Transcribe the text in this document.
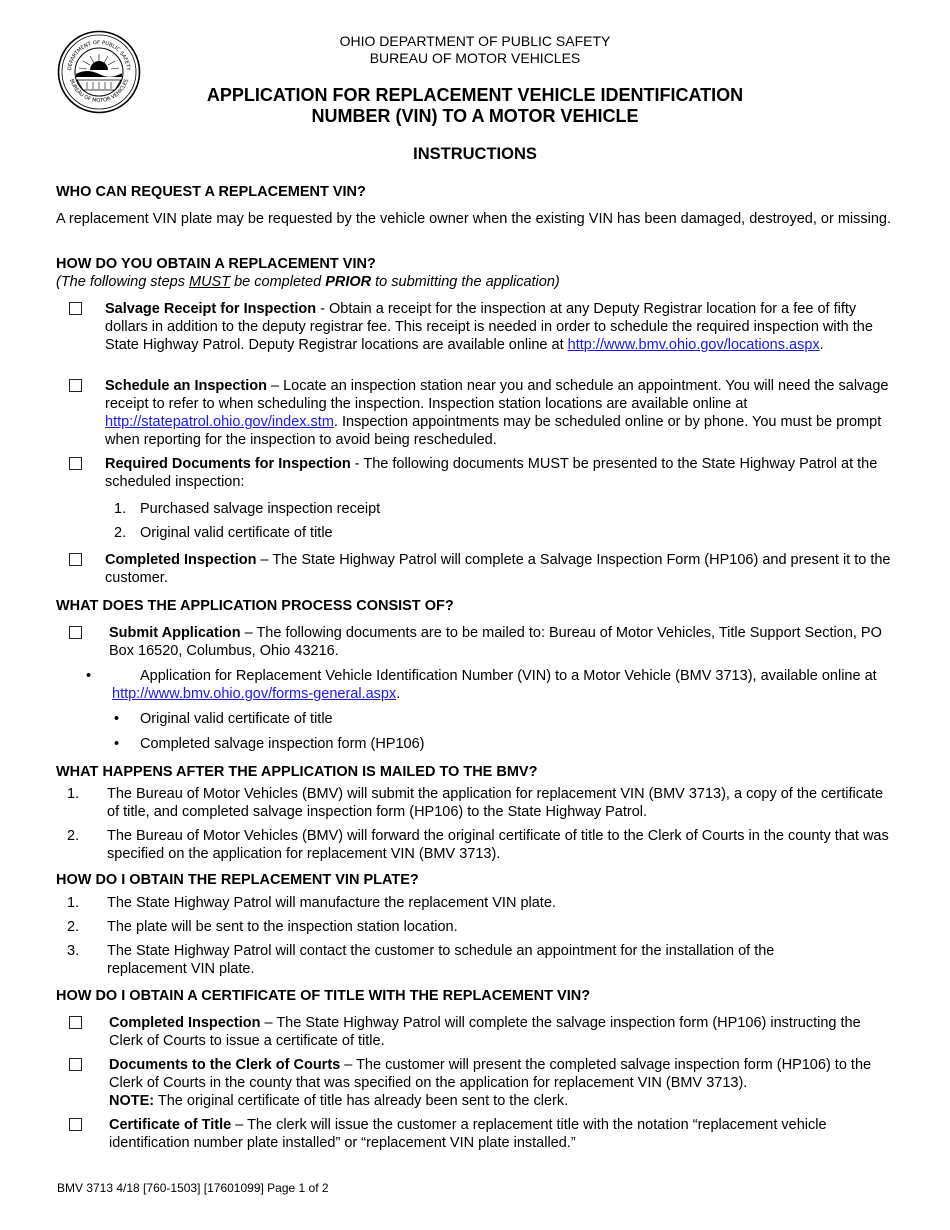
DEPARTMENT OF PUBLIC SAFETY
BUREAU OF MOTOR VEHICLES
OHIO DEPARTMENT OF PUBLIC SAFETY
BUREAU OF MOTOR VEHICLES
APPLICATION FOR REPLACEMENT VEHICLE IDENTIFICATION
NUMBER (VIN) TO A MOTOR VEHICLE
INSTRUCTIONS
WHO CAN REQUEST A REPLACEMENT VIN?
A replacement VIN plate may be requested by the vehicle owner when the existing VIN has been damaged, destroyed, or missing.
HOW DO YOU OBTAIN A REPLACEMENT VIN?
(The following steps MUST be completed PRIOR to submitting the application)
Salvage Receipt for Inspection - Obtain a receipt for the inspection at any Deputy Registrar location for a fee of fifty dollars in addition to the deputy registrar fee. This receipt is needed in order to schedule the required inspection with the State Highway Patrol. Deputy Registrar locations are available online at http://www.bmv.ohio.gov/locations.aspx.
Schedule an Inspection – Locate an inspection station near you and schedule an appointment. You will need the salvage receipt to refer to when scheduling the inspection. Inspection station locations are available online at http://statepatrol.ohio.gov/index.stm. Inspection appointments may be scheduled online or by phone. You must be prompt when reporting for the inspection to avoid being rescheduled.
Required Documents for Inspection - The following documents MUST be presented to the State Highway Patrol at the scheduled inspection:
1. Purchased salvage inspection receipt
2. Original valid certificate of title
Completed Inspection – The State Highway Patrol will complete a Salvage Inspection Form (HP106) and present it to the customer.
WHAT DOES THE APPLICATION PROCESS CONSIST OF?
Submit Application – The following documents are to be mailed to: Bureau of Motor Vehicles, Title Support Section, PO Box 16520, Columbus, Ohio 43216.
•	Application for Replacement Vehicle Identification Number (VIN) to a Motor Vehicle (BMV 3713), available online at http://www.bmv.ohio.gov/forms-general.aspx.
• Original valid certificate of title
• Completed salvage inspection form (HP106)
WHAT HAPPENS AFTER THE APPLICATION IS MAILED TO THE BMV?
1. The Bureau of Motor Vehicles (BMV) will submit the application for replacement VIN (BMV 3713), a copy of the certificate of title, and completed salvage inspection form (HP106) to the State Highway Patrol.
2. The Bureau of Motor Vehicles (BMV) will forward the original certificate of title to the Clerk of Courts in the county that was specified on the application for replacement VIN (BMV 3713).
HOW DO I OBTAIN THE REPLACEMENT VIN PLATE?
1. The State Highway Patrol will manufacture the replacement VIN plate.
2. The plate will be sent to the inspection station location.
3. The State Highway Patrol will contact the customer to schedule an appointment for the installation of the replacement VIN plate.
HOW DO I OBTAIN A CERTIFICATE OF TITLE WITH THE REPLACEMENT VIN?
Completed Inspection – The State Highway Patrol will complete the salvage inspection form (HP106) instructing the Clerk of Courts to issue a certificate of title.
Documents to the Clerk of Courts – The customer will present the completed salvage inspection form (HP106) to the Clerk of Courts in the county that was specified on the application for replacement VIN (BMV 3713).
NOTE: The original certificate of title has already been sent to the clerk.
Certificate of Title – The clerk will issue the customer a replacement title with the notation “replacement vehicle identification number plate installed” or “replacement VIN plate installed.”
BMV 3713 4/18 [760-1503] [17601099] Page 1 of 2
